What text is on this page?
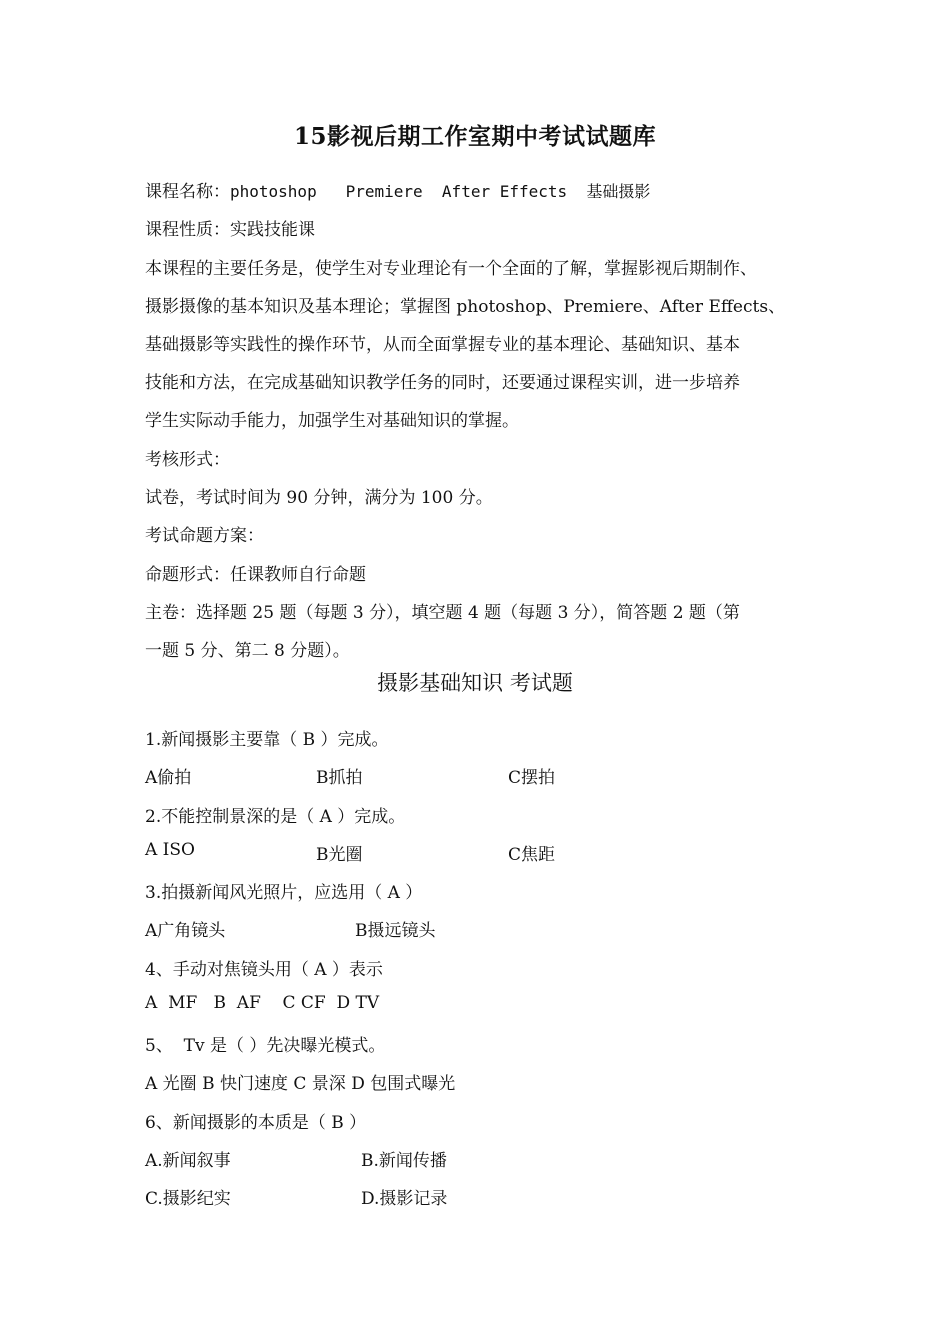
15影视后期工作室期中考试试题库
课程名称：photoshop   Premiere  After Effects  基础摄影
课程性质：实践技能课
本课程的主要任务是，使学生对专业理论有一个全面的了解，掌握影视后期制作、
摄影摄像的基本知识及基本理论；掌握图 photoshop、Premiere、After Effects、
基础摄影等实践性的操作环节，从而全面掌握专业的基本理论、基础知识、基本
技能和方法，在完成基础知识教学任务的同时，还要通过课程实训，进一步培养
学生实际动手能力，加强学生对基础知识的掌握。
考核形式：
试卷，考试时间为 90 分钟，满分为 100 分。
考试命题方案：
命题形式：任课教师自行命题
主卷：选择题 25 题（每题 3 分），填空题 4 题（每题 3 分），简答题 2 题（第
一题 5 分、第二 8 分题）。
摄影基础知识 考试题
1.新闻摄影主要靠（ B ）完成。
A偷拍	B抓拍	C摆拍
2.不能控制景深的是（ A ）完成。
A ISO	B光圈	C焦距
3.拍摄新闻风光照片，应选用（ A ）
A广角镜头	B摄远镜头
4、手动对焦镜头用（ A ）表示
A  MF   B  AF    C CF  D TV
5、  Tv 是（ ）先决曝光模式。
A 光圈 B 快门速度 C 景深 D 包围式曝光
6、新闻摄影的本质是（ B ）
A.新闻叙事	B.新闻传播
C.摄影纪实	D.摄影记录
